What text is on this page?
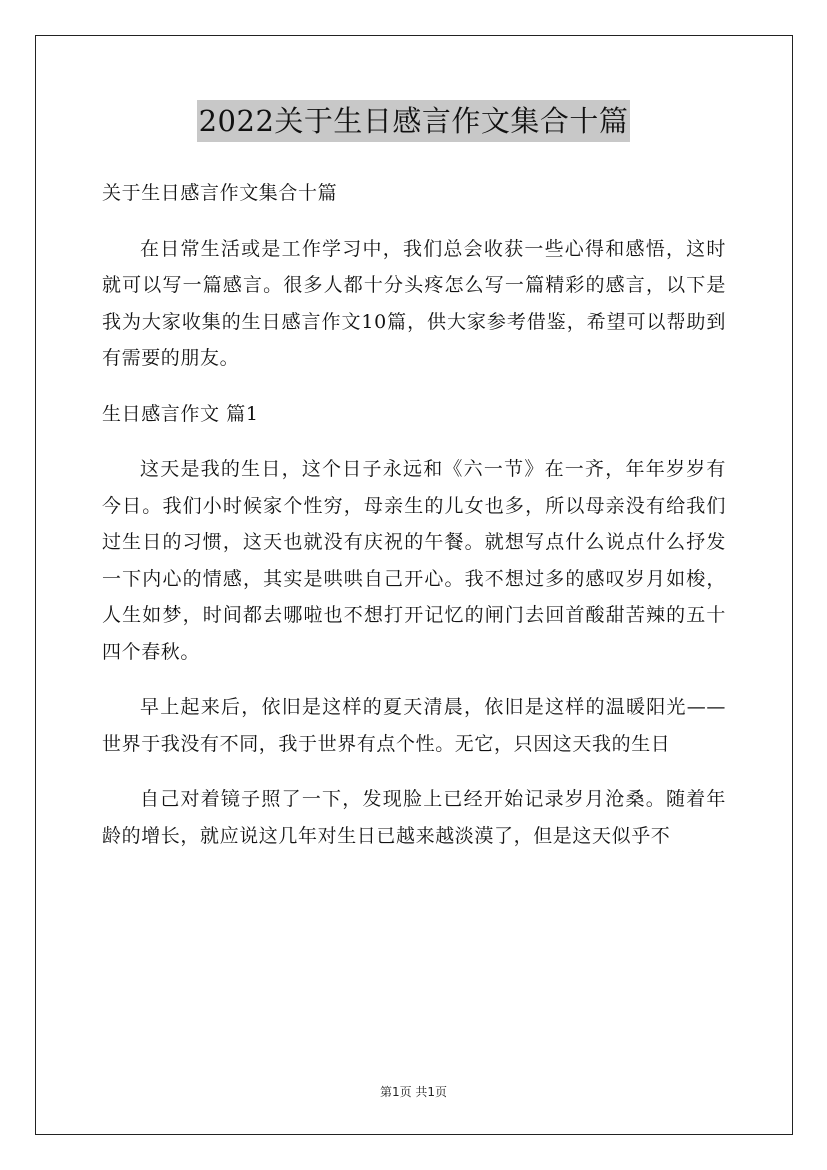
2022关于生日感言作文集合十篇

关于生日感言作文集合十篇

在日常生活或是工作学习中，我们总会收获一些心得和感悟，这时就可以写一篇感言。很多人都十分头疼怎么写一篇精彩的感言，以下是我为大家收集的生日感言作文10篇，供大家参考借鉴，希望可以帮助到有需要的朋友。

生日感言作文 篇1

这天是我的生日，这个日子永远和《六一节》在一齐，年年岁岁有今日。我们小时候家个性穷，母亲生的儿女也多，所以母亲没有给我们过生日的习惯，这天也就没有庆祝的午餐。就想写点什么说点什么抒发一下内心的情感，其实是哄哄自己开心。我不想过多的感叹岁月如梭，人生如梦，时间都去哪啦也不想打开记忆的闸门去回首酸甜苦辣的五十四个春秋。

早上起来后，依旧是这样的夏天清晨，依旧是这样的温暖阳光——世界于我没有不同，我于世界有点个性。无它，只因这天我的生日

自己对着镜子照了一下，发现脸上已经开始记录岁月沧桑。随着年龄的增长，就应说这几年对生日已越来越淡漠了，但是这天似乎不

第1页 共1页
